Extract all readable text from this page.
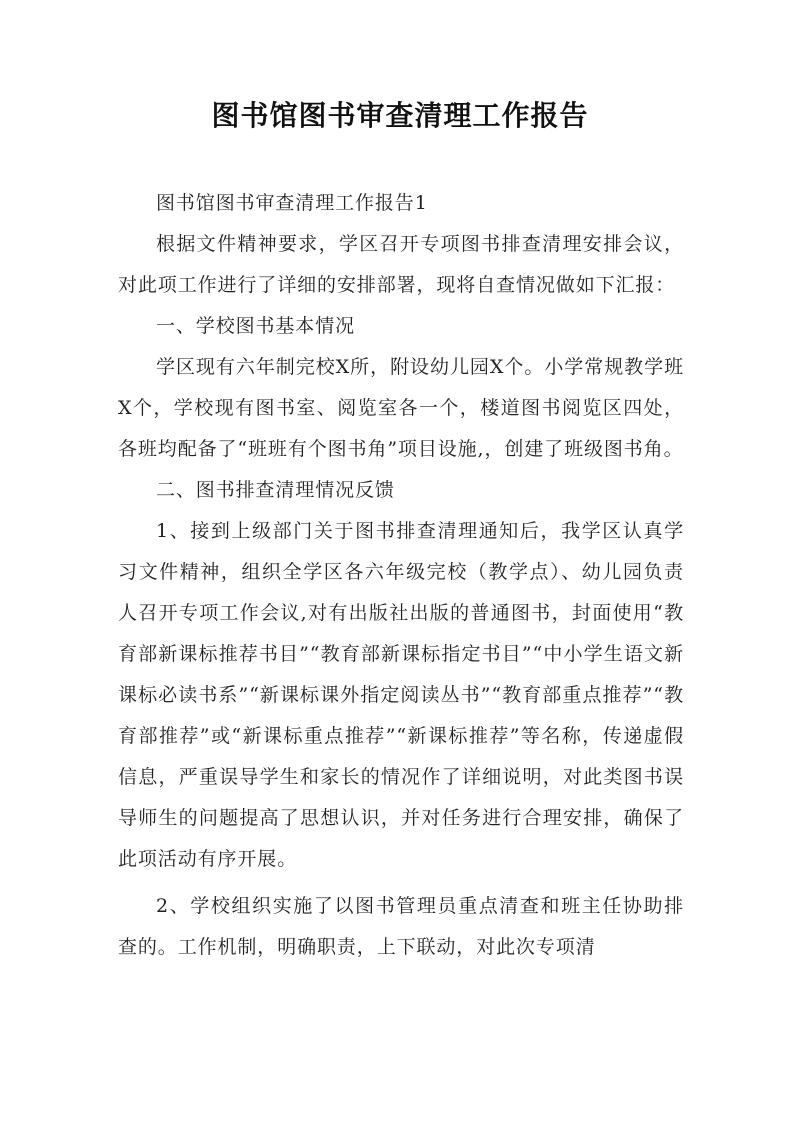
图书馆图书审查清理工作报告

图书馆图书审查清理工作报告1

根据文件精神要求，学区召开专项图书排查清理安排会议，对此项工作进行了详细的安排部署，现将自查情况做如下汇报：

一、学校图书基本情况

学区现有六年制完校X所，附设幼儿园X个。小学常规教学班X个，学校现有图书室、阅览室各一个，楼道图书阅览区四处，各班均配备了“班班有个图书角”项目设施,，创建了班级图书角。

二、图书排查清理情况反馈

1、接到上级部门关于图书排查清理通知后，我学区认真学习文件精神，组织全学区各六年级完校（教学点）、幼儿园负责人召开专项工作会议,对有出版社出版的普通图书，封面使用“教育部新课标推荐书目”“教育部新课标指定书目”“中小学生语文新课标必读书系”“新课标课外指定阅读丛书”“教育部重点推荐”“教育部推荐”或“新课标重点推荐”“新课标推荐”等名称，传递虚假信息，严重误导学生和家长的情况作了详细说明，对此类图书误导师生的问题提高了思想认识，并对任务进行合理安排，确保了此项活动有序开展。

2、学校组织实施了以图书管理员重点清查和班主任协助排查的。工作机制，明确职责，上下联动，对此次专项清
